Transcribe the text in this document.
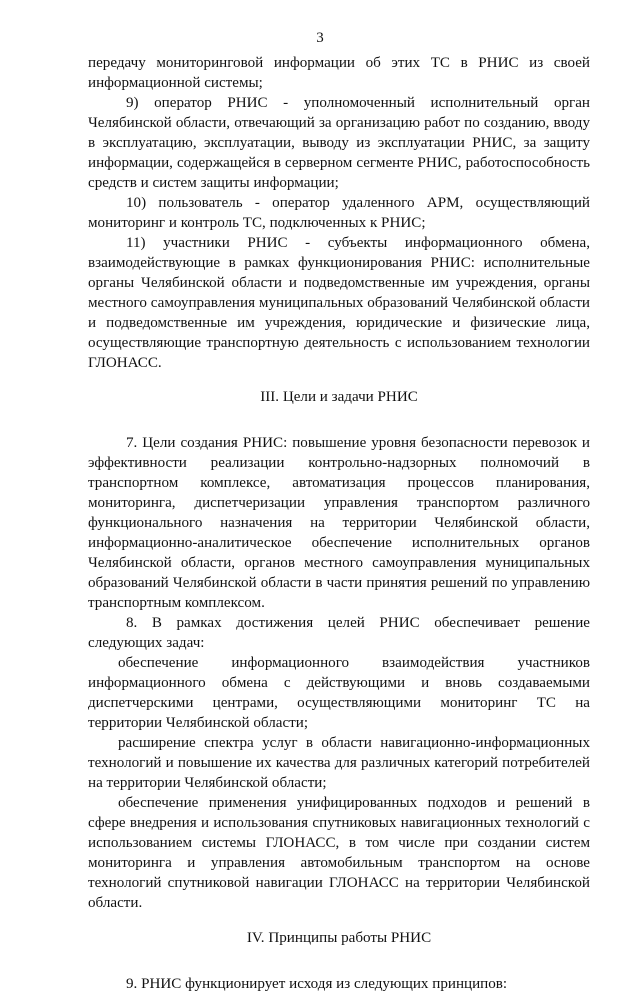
3

передачу мониторинговой информации об этих ТС в РНИС из своей информационной системы;

9) оператор РНИС - уполномоченный исполнительный орган Челябинской области, отвечающий за организацию работ по созданию, вводу в эксплуатацию, эксплуатации, выводу из эксплуатации РНИС, за защиту информации, содержащейся в серверном сегменте РНИС, работоспособность средств и систем защиты информации;

10) пользователь - оператор удаленного АРМ, осуществляющий мониторинг и контроль ТС, подключенных к РНИС;

11) участники РНИС - субъекты информационного обмена, взаимодействующие в рамках функционирования РНИС: исполнительные органы Челябинской области и подведомственные им учреждения, органы местного самоуправления муниципальных образований Челябинской области и подведомственные им учреждения, юридические и физические лица, осуществляющие транспортную деятельность с использованием технологии ГЛОНАСС.

III. Цели и задачи РНИС

7. Цели создания РНИС: повышение уровня безопасности перевозок и эффективности реализации контрольно-надзорных полномочий в транспортном комплексе, автоматизация процессов планирования, мониторинга, диспетчеризации управления транспортом различного функционального назначения на территории Челябинской области, информационно-аналитическое обеспечение исполнительных органов Челябинской области, органов местного самоуправления муниципальных образований Челябинской области в части принятия решений по управлению транспортным комплексом.

8. В рамках достижения целей РНИС обеспечивает решение следующих задач:

обеспечение информационного взаимодействия участников информационного обмена с действующими и вновь создаваемыми диспетчерскими центрами, осуществляющими мониторинг ТС на территории Челябинской области;

расширение спектра услуг в области навигационно-информационных технологий и повышение их качества для различных категорий потребителей на территории Челябинской области;

обеспечение применения унифицированных подходов и решений в сфере внедрения и использования спутниковых навигационных технологий с использованием системы ГЛОНАСС, в том числе при создании систем мониторинга и управления автомобильным транспортом на основе технологий спутниковой навигации ГЛОНАСС на территории Челябинской области.

IV. Принципы работы РНИС

9. РНИС функционирует исходя из следующих принципов:
